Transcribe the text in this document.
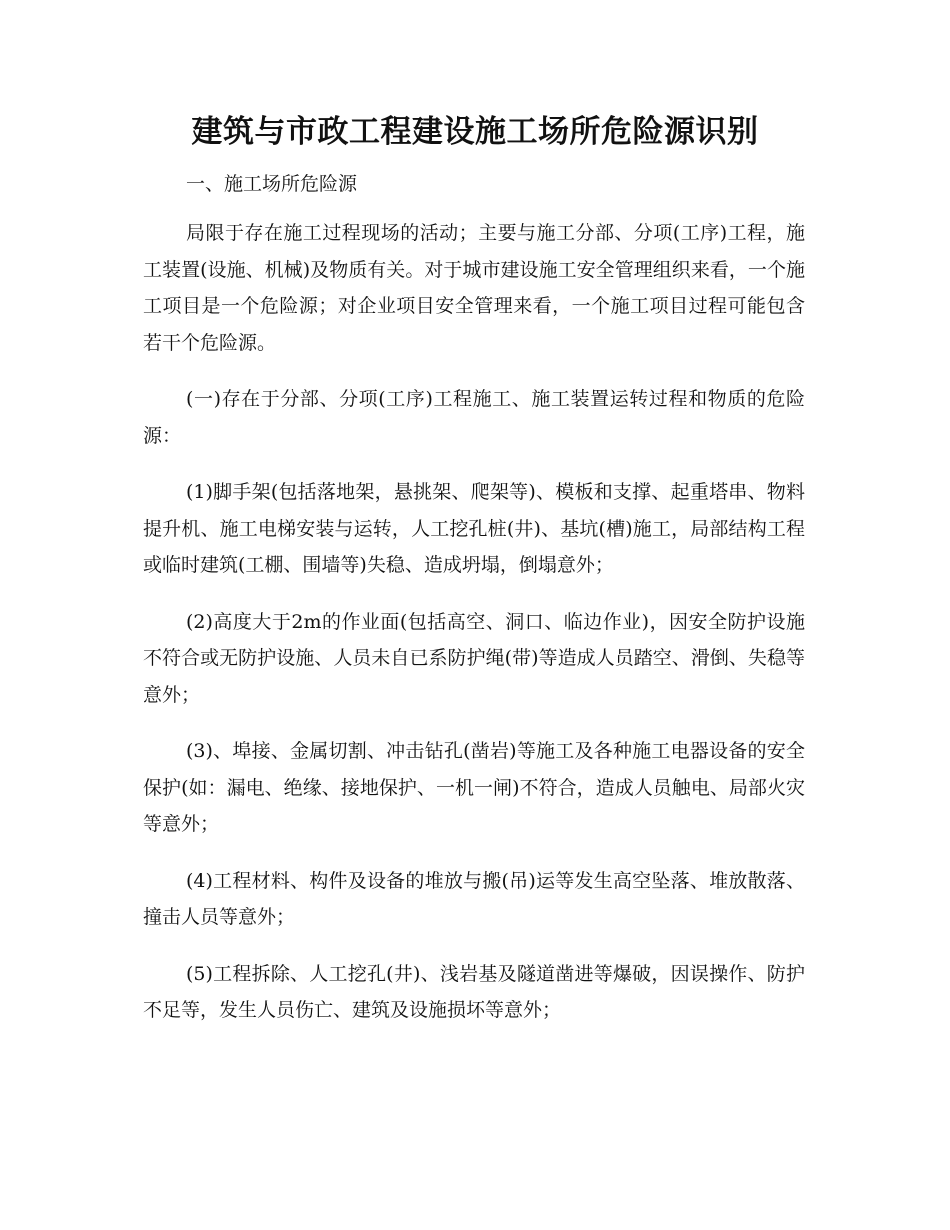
建筑与市政工程建设施工场所危险源识别
一、施工场所危险源

局限于存在施工过程现场的活动；主要与施工分部、分项(工序)工程，施工装置(设施、机械)及物质有关。对于城市建设施工安全管理组织来看，一个施工项目是一个危险源；对企业项目安全管理来看，一个施工项目过程可能包含若干个危险源。

(一)存在于分部、分项(工序)工程施工、施工装置运转过程和物质的危险源：

(1)脚手架(包括落地架，悬挑架、爬架等)、模板和支撑、起重塔串、物料提升机、施工电梯安装与运转，人工挖孔桩(井)、基坑(槽)施工，局部结构工程或临时建筑(工棚、围墙等)失稳、造成坍塌，倒塌意外；

(2)高度大于2m的作业面(包括高空、洞口、临边作业)，因安全防护设施不符合或无防护设施、人员未自已系防护绳(带)等造成人员踏空、滑倒、失稳等意外；

(3)、埠接、金属切割、冲击钻孔(凿岩)等施工及各种施工电器设备的安全保护(如：漏电、绝缘、接地保护、一机一闸)不符合，造成人员触电、局部火灾等意外；

(4)工程材料、构件及设备的堆放与搬(吊)运等发生高空坠落、堆放散落、撞击人员等意外；

(5)工程拆除、人工挖孔(井)、浅岩基及隧道凿进等爆破，因误操作、防护不足等，发生人员伤亡、建筑及设施损坏等意外；
